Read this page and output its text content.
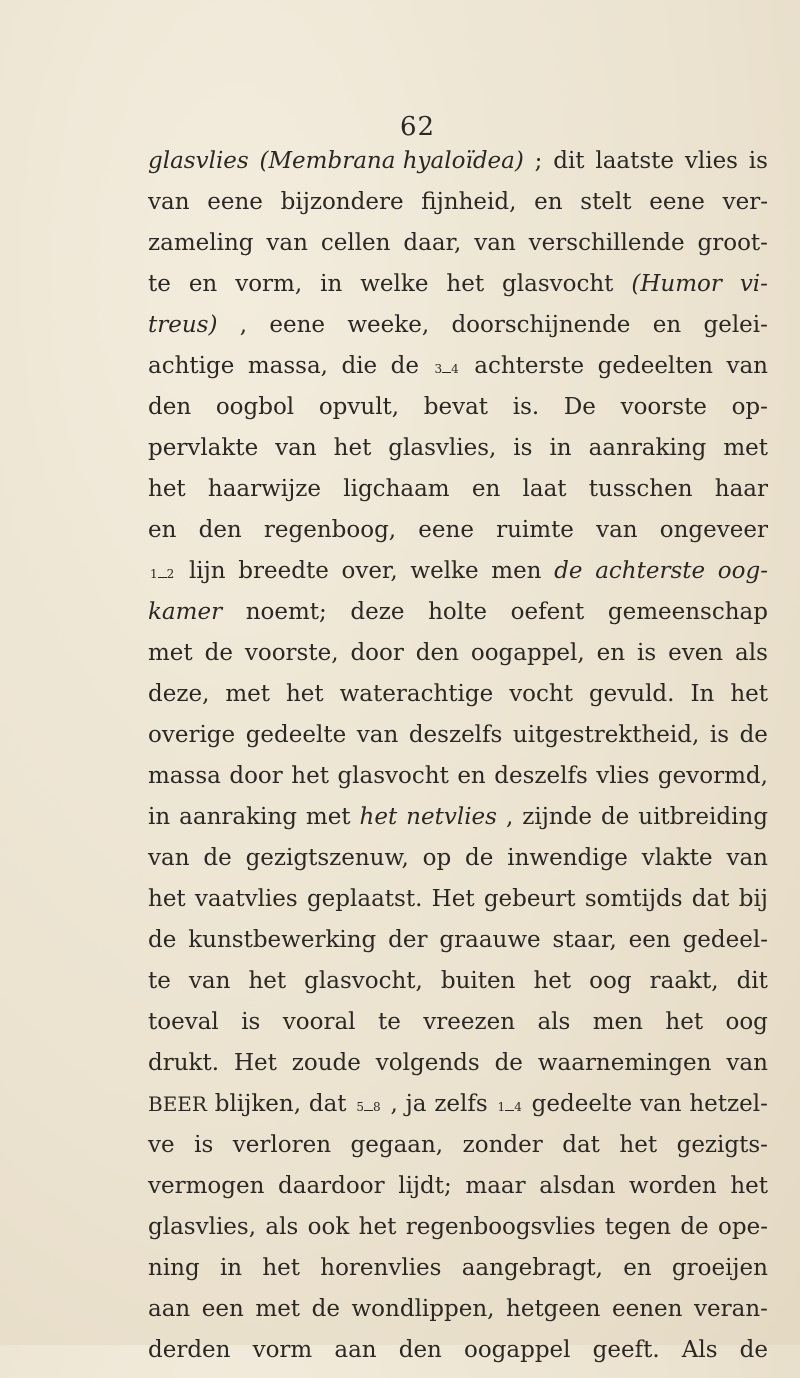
62
glasvlies (Membrana hyaloïdea) ; dit laatste vlies is
van eene bijzondere fijnheid, en stelt eene ver-
zameling van cellen daar, van verschillende groot-
te en vorm, in welke het glasvocht (Humor vi-
treus) , eene weeke, doorschijnende en gelei-
achtige massa, die de 3 4 achterste gedeelten van
den oogbol opvult, bevat is. De voorste op-
pervlakte van het glasvlies, is in aanraking met
het haarwijze ligchaam en laat tusschen haar
en den regenboog, eene ruimte van ongeveer
1 2 lijn breedte over, welke men de achterste oog-
kamer noemt; deze holte oefent gemeenschap
met de voorste, door den oogappel, en is even als
deze, met het waterachtige vocht gevuld. In het
overige gedeelte van deszelfs uitgestrektheid, is de
massa door het glasvocht en deszelfs vlies gevormd,
in aanraking met het netvlies , zijnde de uitbreiding
van de gezigtszenuw, op de inwendige vlakte van
het vaatvlies geplaatst. Het gebeurt somtijds dat bij
de kunstbewerking der graauwe staar, een gedeel-
te van het glasvocht, buiten het oog raakt, dit
toeval is vooral te vreezen als men het oog
drukt. Het zoude volgends de waarnemingen van
BEER blijken, dat 5 8 , ja zelfs 1 4 gedeelte van hetzel-
ve is verloren gegaan, zonder dat het gezigts-
vermogen daardoor lijdt; maar alsdan worden het
glasvlies, als ook het regenboogsvlies tegen de ope-
ning in het horenvlies aangebragt, en groeijen
aan een met de wondlippen, hetgeen eenen veran-
derden vorm aan den oogappel geeft. Als de
